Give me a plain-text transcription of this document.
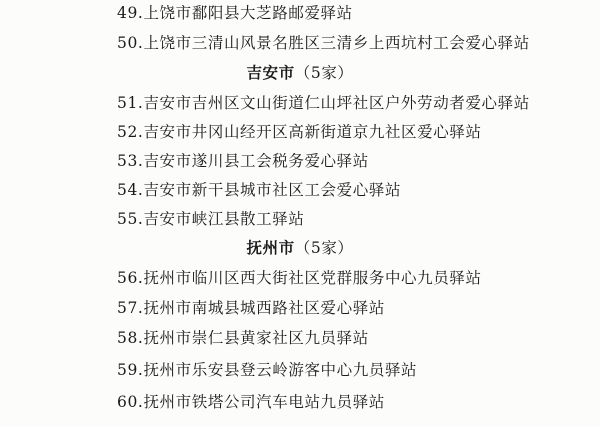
49.上饶市鄱阳县大芝路邮爱驿站
50.上饶市三清山风景名胜区三清乡上西坑村工会爱心驿站
吉安市（5家）
51.吉安市吉州区文山街道仁山坪社区户外劳动者爱心驿站
52.吉安市井冈山经开区高新街道京九社区爱心驿站
53.吉安市遂川县工会税务爱心驿站
54.吉安市新干县城市社区工会爱心驿站
55.吉安市峡江县散工驿站
抚州市（5家）
56.抚州市临川区西大街社区党群服务中心九员驿站
57.抚州市南城县城西路社区爱心驿站
58.抚州市崇仁县黄家社区九员驿站
59.抚州市乐安县登云岭游客中心九员驿站
60.抚州市铁塔公司汽车电站九员驿站
